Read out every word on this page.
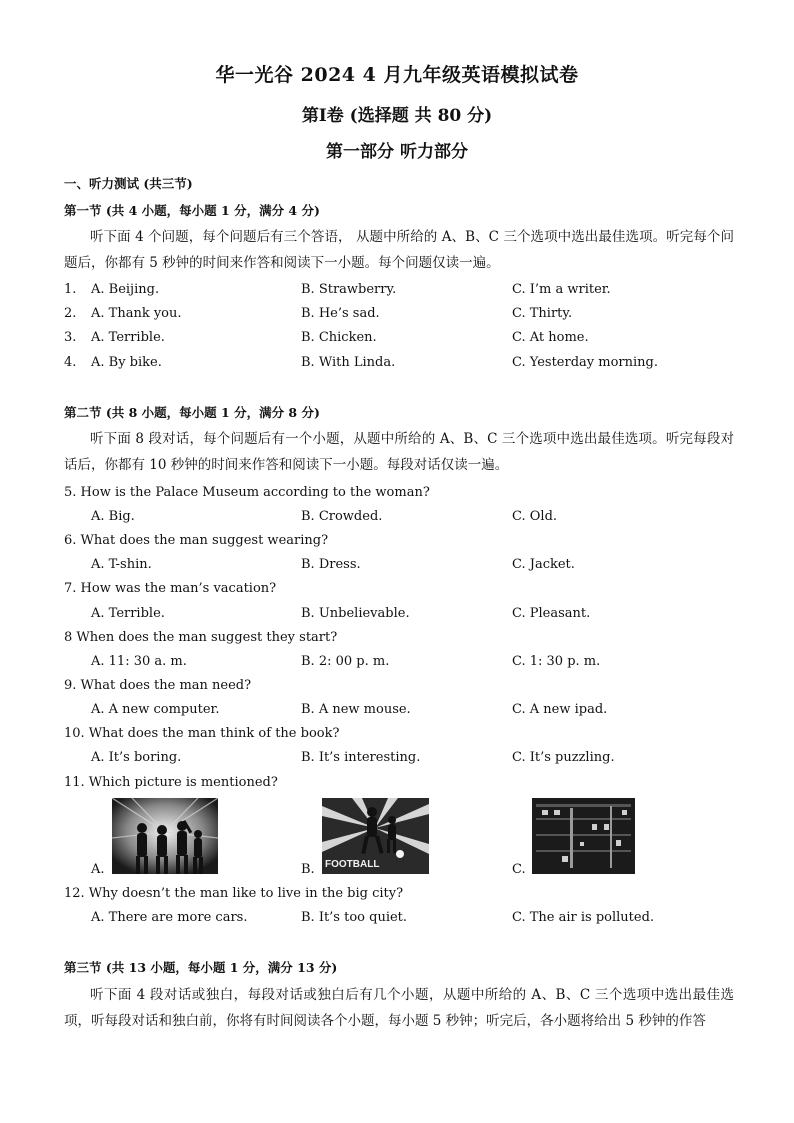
华一光谷 2024 4 月九年级英语模拟试卷
第Ⅰ卷 (选择题 共 80 分)
第一部分 听力部分
一、听力测试 (共三节)
第一节 (共 4 小题，每小题 1 分，满分 4 分)
听下面 4 个问题，每个问题后有三个答语， 从题中所给的 A、B、C 三个选项中选出最佳选项。听完每个问题后，你都有 5 秒钟的时间来作答和阅读下一小题。每个问题仅读一遍。
1. A. Beijing.	B. Strawberry.	C. I’m a writer.
2. A. Thank you.	B. He’s sad.	C. Thirty.
3. A. Terrible.	B. Chicken.	C. At home.
4. A. By bike.	B. With Linda.	C. Yesterday morning.
第二节 (共 8 小题，每小题 1 分，满分 8 分)
听下面 8 段对话，每个问题后有一个小题，从题中所给的 A、B、C 三个选项中选出最佳选项。听完每段对话后，你都有 10 秒钟的时间来作答和阅读下一小题。每段对话仅读一遍。
5. How is the Palace Museum according to the woman?
A. Big.	B. Crowded.	C. Old.
6. What does the man suggest wearing?
A. T-shin.	B. Dress.	C. Jacket.
7. How was the man’s vacation?
A. Terrible.	B. Unbelievable.	C. Pleasant.
8 When does the man suggest they start?
A. 11: 30 a. m.	B. 2: 00 p. m.	C. 1: 30 p. m.
9. What does the man need?
A. A new computer.	B. A new mouse.	C. A new ipad.
10. What does the man think of the book?
A. It’s boring.	B. It’s interesting.	C. It’s puzzling.
11. Which picture is mentioned?
A.	B. FOOTBALL	C.
12. Why doesn’t the man like to live in the big city?
A. There are more cars.	B. It’s too quiet.	C. The air is polluted.
第三节 (共 13 小题，每小题 1 分，满分 13 分)
听下面 4 段对话或独白，每段对话或独白后有几个小题，从题中所给的 A、B、C 三个选项中选出最佳选项，听每段对话和独白前，你将有时间阅读各个小题，每小题 5 秒钟；听完后，各小题将给出 5 秒钟的作答
